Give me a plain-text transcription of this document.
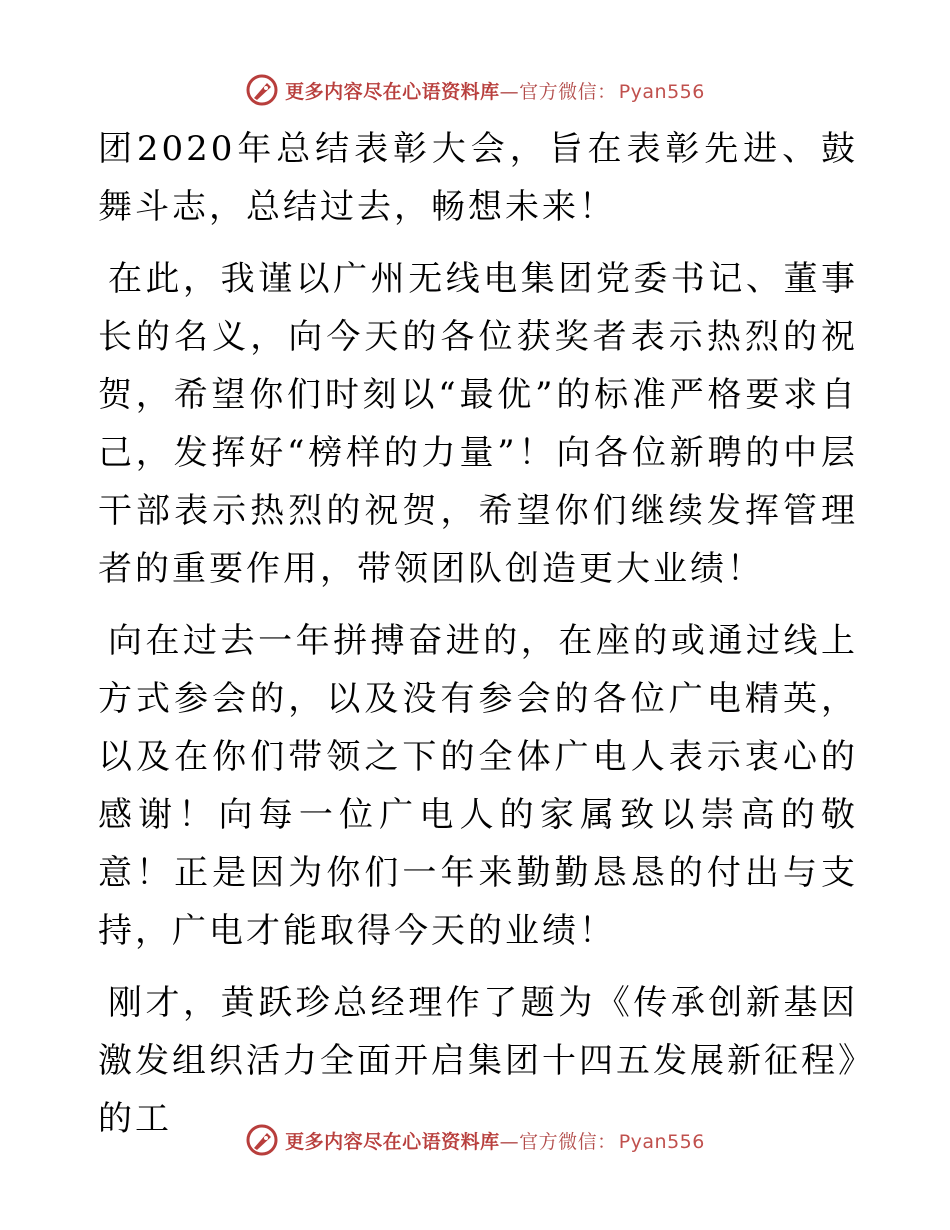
更多内容尽在心语资料库—官方微信： Pyan556

团2020年总结表彰大会，旨在表彰先进、鼓舞斗志，总结过去，畅想未来！

在此，我谨以广州无线电集团党委书记、董事长的名义，向今天的各位获奖者表示热烈的祝贺，希望你们时刻以“最优”的标准严格要求自己，发挥好“榜样的力量”！向各位新聘的中层干部表示热烈的祝贺，希望你们继续发挥管理者的重要作用，带领团队创造更大业绩！

向在过去一年拼搏奋进的，在座的或通过线上方式参会的，以及没有参会的各位广电精英，以及在你们带领之下的全体广电人表示衷心的感谢！向每一位广电人的家属致以崇高的敬意！正是因为你们一年来勤勤恳恳的付出与支持，广电才能取得今天的业绩！

刚才，黄跃珍总经理作了题为《传承创新基因激发组织活力全面开启集团十四五发展新征程》的工

更多内容尽在心语资料库—官方微信： Pyan556
